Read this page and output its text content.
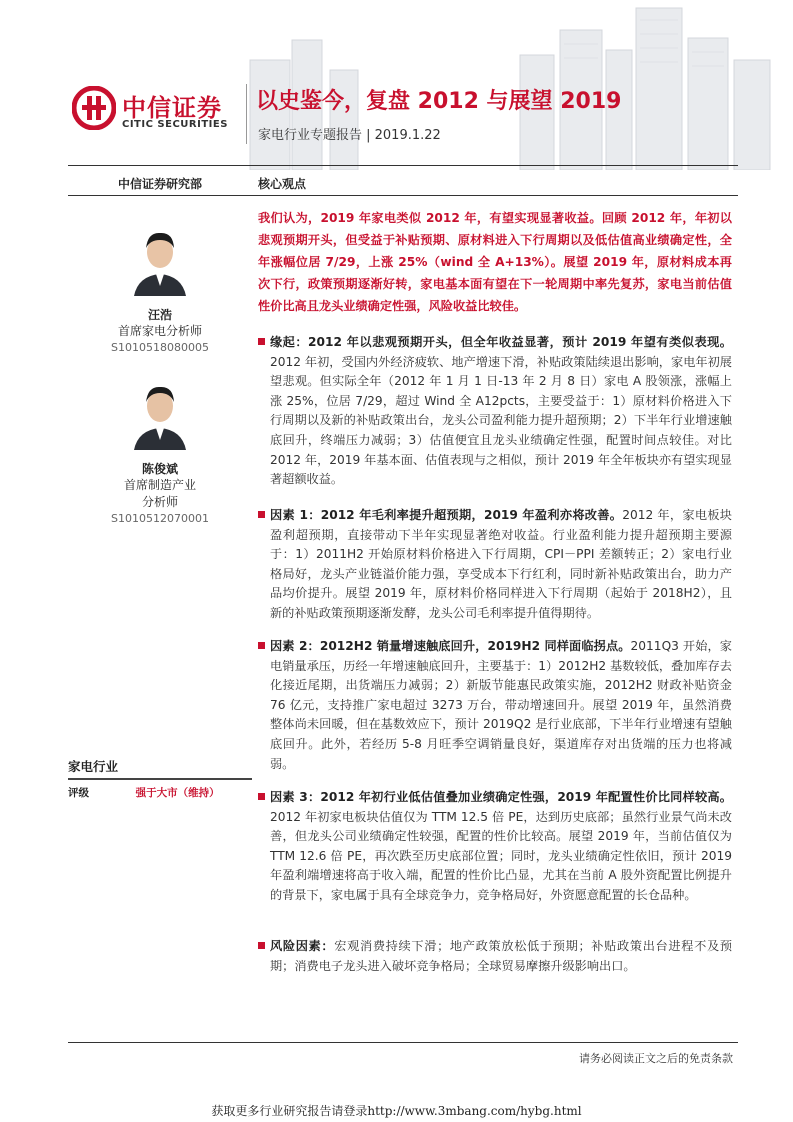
中信证券
CITIC SECURITIES
以史鉴今，复盘 2012 与展望 2019
家电行业专题报告 | 2019.1.22
中信证券研究部	核心观点
我们认为，2019 年家电类似 2012 年，有望实现显著收益。回顾 2012 年，年初以悲观预期开头，但受益于补贴预期、原材料进入下行周期以及低估值高业绩确定性，全年涨幅位居 7/29，上涨 25%（wind 全 A+13%）。展望 2019 年，原材料成本再次下行，政策预期逐渐好转，家电基本面有望在下一轮周期中率先复苏，家电当前估值性价比高且龙头业绩确定性强，风险收益比较佳。
汪浩
首席家电分析师
S1010518080005
陈俊斌
首席制造产业
分析师
S1010512070001
家电行业
评级	强于大市（维持）
缘起：2012 年以悲观预期开头，但全年收益显著，预计 2019 年望有类似表现。2012 年初，受国内外经济疲软、地产增速下滑，补贴政策陆续退出影响，家电年初展望悲观。但实际全年（2012 年 1 月 1 日-13 年 2 月 8 日）家电 A 股领涨，涨幅上涨 25%，位居 7/29，超过 Wind 全 A12pcts，主要受益于：1）原材料价格进入下行周期以及新的补贴政策出台，龙头公司盈利能力提升超预期；2）下半年行业增速触底回升，终端压力减弱；3）估值便宜且龙头业绩确定性强，配置时间点较佳。对比 2012 年，2019 年基本面、估值表现与之相似，预计 2019 年全年板块亦有望实现显著超额收益。
因素 1：2012 年毛利率提升超预期，2019 年盈利亦将改善。2012 年，家电板块盈利超预期，直接带动下半年实现显著绝对收益。行业盈利能力提升超预期主要源于：1）2011H2 开始原材料价格进入下行周期，CPI－PPI 差额转正；2）家电行业格局好，龙头产业链溢价能力强，享受成本下行红利，同时新补贴政策出台，助力产品均价提升。展望 2019 年，原材料价格同样进入下行周期（起始于 2018H2），且新的补贴政策预期逐渐发酵，龙头公司毛利率提升值得期待。
因素 2：2012H2 销量增速触底回升，2019H2 同样面临拐点。2011Q3 开始，家电销量承压，历经一年增速触底回升，主要基于：1）2012H2 基数较低，叠加库存去化接近尾期，出货端压力减弱；2）新版节能惠民政策实施，2012H2 财政补贴资金 76 亿元，支持推广家电超过 3273 万台，带动增速回升。展望 2019 年，虽然消费整体尚未回暖，但在基数效应下，预计 2019Q2 是行业底部，下半年行业增速有望触底回升。此外，若经历 5-8 月旺季空调销量良好，渠道库存对出货端的压力也将减弱。
因素 3：2012 年初行业低估值叠加业绩确定性强，2019 年配置性价比同样较高。2012 年初家电板块估值仅为 TTM 12.5 倍 PE，达到历史底部；虽然行业景气尚未改善，但龙头公司业绩确定性较强，配置的性价比较高。展望 2019 年，当前估值仅为 TTM 12.6 倍 PE，再次跌至历史底部位置；同时，龙头业绩确定性依旧，预计 2019 年盈利端增速将高于收入端，配置的性价比凸显，尤其在当前 A 股外资配置比例提升的背景下，家电属于具有全球竞争力，竞争格局好，外资愿意配置的长仓品种。
风险因素：宏观消费持续下滑；地产政策放松低于预期；补贴政策出台进程不及预期；消费电子龙头进入破坏竞争格局；全球贸易摩擦升级影响出口。
请务必阅读正文之后的免责条款
获取更多行业研究报告请登录http://www.3mbang.com/hybg.html
